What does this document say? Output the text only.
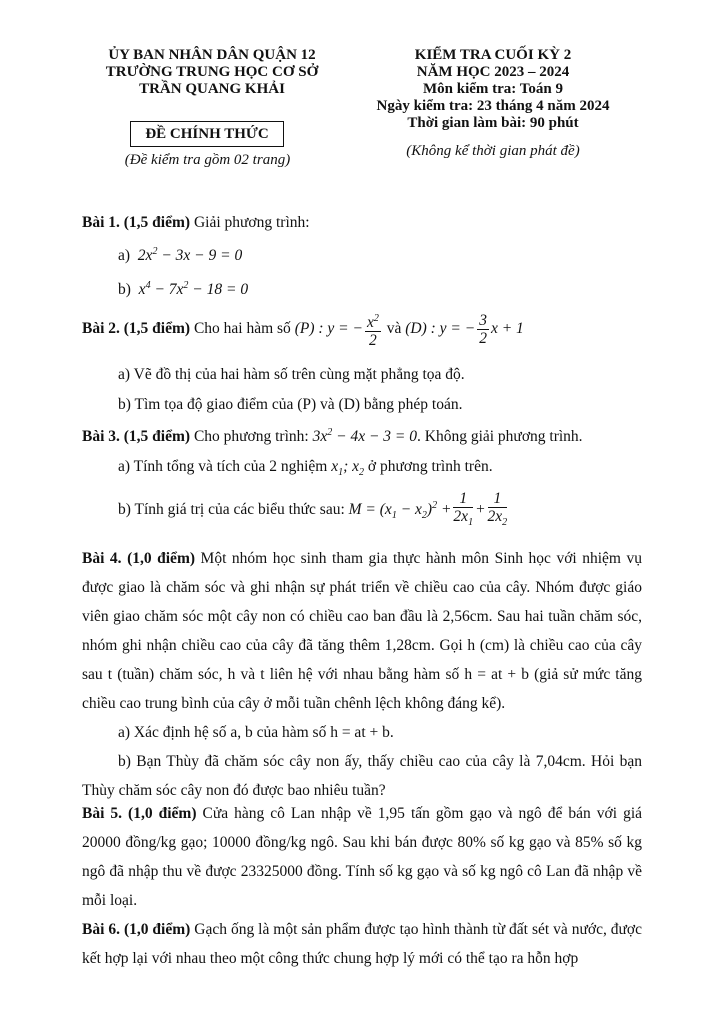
ỦY BAN NHÂN DÂN QUẬN 12
TRƯỜNG TRUNG HỌC CƠ SỞ
TRẦN QUANG KHẢI
KIỂM TRA CUỐI KỲ 2
NĂM HỌC 2023 – 2024
Môn kiểm tra: Toán 9
Ngày kiểm tra: 23 tháng 4 năm 2024
Thời gian làm bài: 90 phút
ĐỀ CHÍNH THỨC
(Đề kiểm tra gồm 02 trang)
(Không kể thời gian phát đề)
Bài 1. (1,5 điểm) Giải phương trình:
a)  $2x^2 - 3x - 9 = 0$
b)  $x^4 - 7x^2 - 18 = 0$
Bài 2. (1,5 điểm) Cho hai hàm số (P) : y = − $\frac{x^2}{2}$ và (D) : y = − $\frac{3}{2}$ x + 1
a) Vẽ đồ thị của hai hàm số trên cùng mặt phẳng tọa độ.
b) Tìm tọa độ giao điểm của (P) và (D) bằng phép toán.
Bài 3. (1,5 điểm) Cho phương trình: $3x^2 - 4x - 3 = 0$. Không giải phương trình.
a) Tính tổng và tích của 2 nghiệm $x_1$; $x_2$ ở phương trình trên.
b) Tính giá trị của các biểu thức sau: $M = (x_1 - x_2)^2 + \frac{1}{2x_1} + \frac{1}{2x_2}$
Bài 4. (1,0 điểm) Một nhóm học sinh tham gia thực hành môn Sinh học với nhiệm vụ được giao là chăm sóc và ghi nhận sự phát triển về chiều cao của cây. Nhóm được giáo viên giao chăm sóc một cây non có chiều cao ban đầu là 2,56cm. Sau hai tuần chăm sóc, nhóm ghi nhận chiều cao của cây đã tăng thêm 1,28cm. Gọi h (cm) là chiều cao của cây sau t (tuần) chăm sóc, h và t liên hệ với nhau bằng hàm số h = at + b (giả sử mức tăng chiều cao trung bình của cây ở mỗi tuần chênh lệch không đáng kể).
a) Xác định hệ số a, b của hàm số h = at + b.
b) Bạn Thùy đã chăm sóc cây non ấy, thấy chiều cao của cây là 7,04cm. Hỏi bạn Thùy chăm sóc cây non đó được bao nhiêu tuần?
Bài 5. (1,0 điểm) Cửa hàng cô Lan nhập về 1,95 tấn gồm gạo và ngô để bán với giá 20000 đồng/kg gạo; 10000 đồng/kg ngô. Sau khi bán được 80% số kg gạo và 85% số kg ngô đã nhập thu về được 23325000 đồng. Tính số kg gạo và số kg ngô cô Lan đã nhập về mỗi loại.
Bài 6. (1,0 điểm) Gạch ống là một sản phẩm được tạo hình thành từ đất sét và nước, được kết hợp lại với nhau theo một công thức chung hợp lý mới có thể tạo ra hỗn hợp
